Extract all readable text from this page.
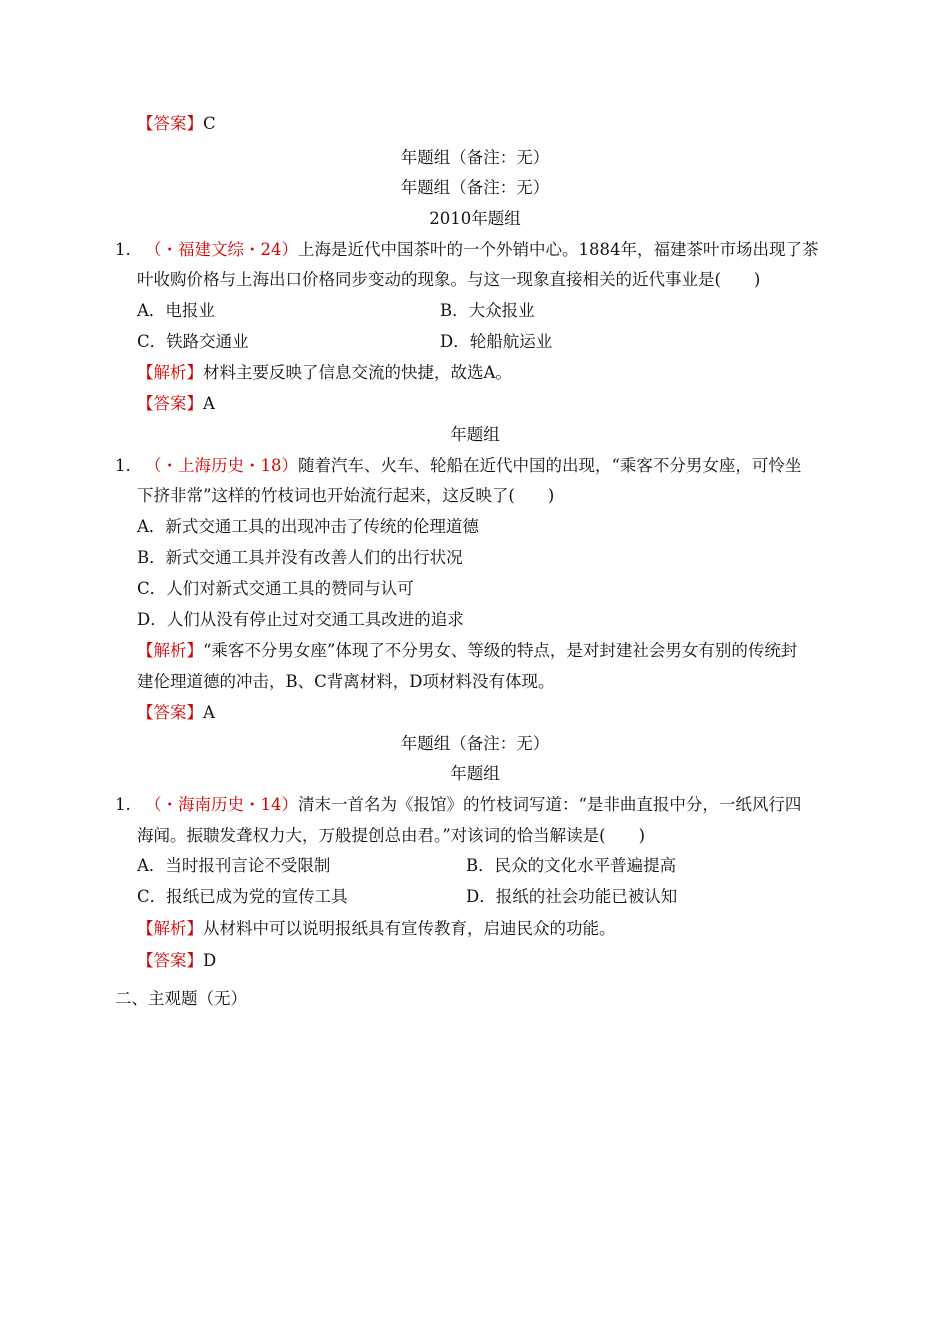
【答案】C
年题组（备注：无）
年题组（备注：无）
2010年题组
1. （・福建文综・24）上海是近代中国茶叶的一个外销中心。1884年，福建茶叶市场出现了茶
叶收购价格与上海出口价格同步变动的现象。与这一现象直接相关的近代事业是(　　)
A．电报业	B．大众报业
C．铁路交通业	D．轮船航运业
【解析】材料主要反映了信息交流的快捷，故选A。
【答案】A
年题组
1. （・上海历史・18）随着汽车、火车、轮船在近代中国的出现，“乘客不分男女座，可怜坐
下挤非常”这样的竹枝词也开始流行起来，这反映了(　　)
A．新式交通工具的出现冲击了传统的伦理道德
B．新式交通工具并没有改善人们的出行状况
C．人们对新式交通工具的赞同与认可
D．人们从没有停止过对交通工具改进的追求
【解析】“乘客不分男女座”体现了不分男女、等级的特点，是对封建社会男女有别的传统封
建伦理道德的冲击，B、C背离材料，D项材料没有体现。
【答案】A
年题组（备注：无）
年题组
1. （・海南历史・14）清末一首名为《报馆》的竹枝词写道：“是非曲直报中分，一纸风行四
海闻。振聩发聋权力大，万般提创总由君。”对该词的恰当解读是(　　)
A．当时报刊言论不受限制	B．民众的文化水平普遍提高
C．报纸已成为党的宣传工具	D．报纸的社会功能已被认知
【解析】从材料中可以说明报纸具有宣传教育，启迪民众的功能。
【答案】D
二、主观题（无）
